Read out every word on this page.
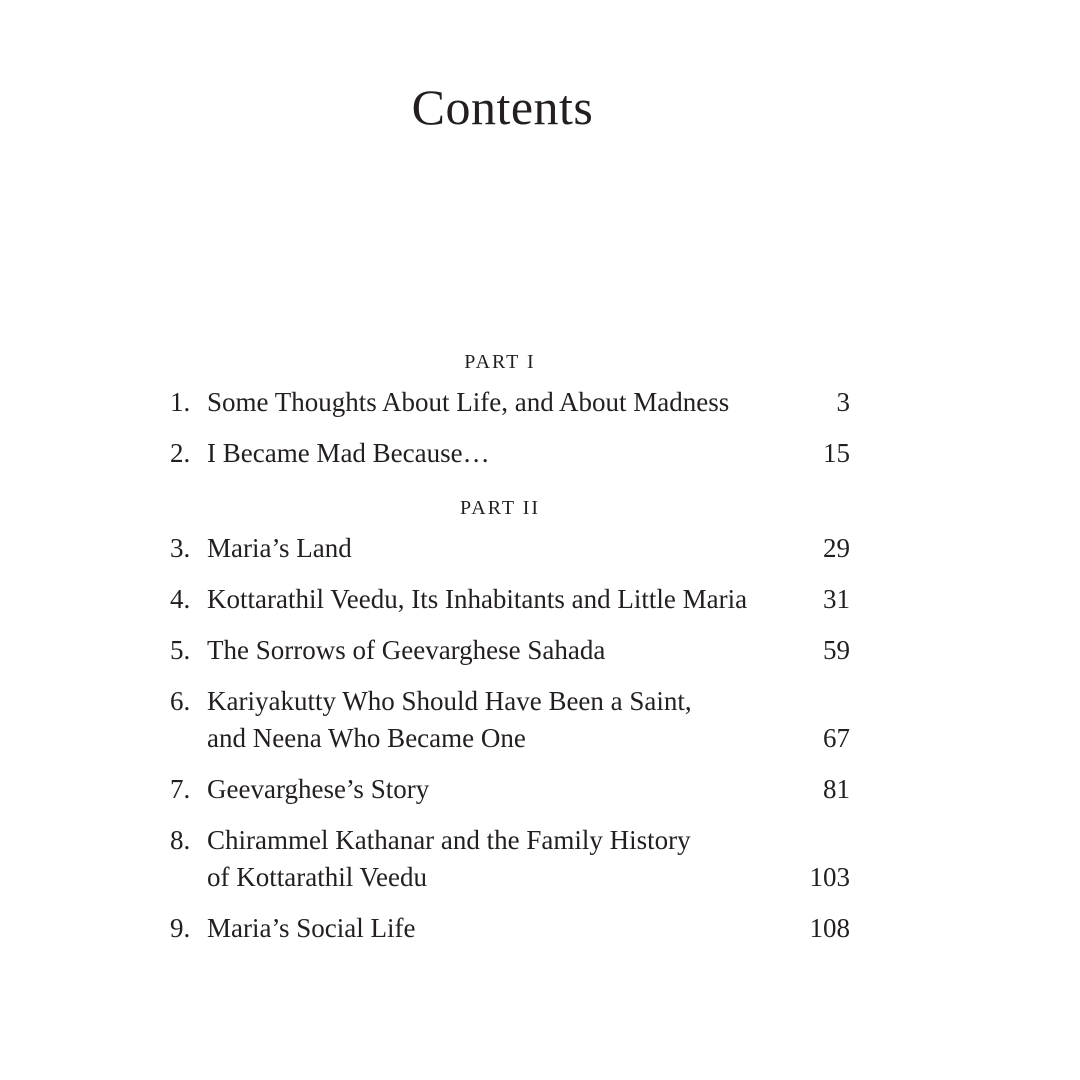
Contents
PART I
1. Some Thoughts About Life, and About Madness	3
2. I Became Mad Because…	15
PART II
3. Maria’s Land	29
4. Kottarathil Veedu, Its Inhabitants and Little Maria	31
5. The Sorrows of Geevarghese Sahada	59
6. Kariyakutty Who Should Have Been a Saint,
and Neena Who Became One	67
7. Geevarghese’s Story	81
8. Chirammel Kathanar and the Family History
of Kottarathil Veedu	103
9. Maria’s Social Life	108
